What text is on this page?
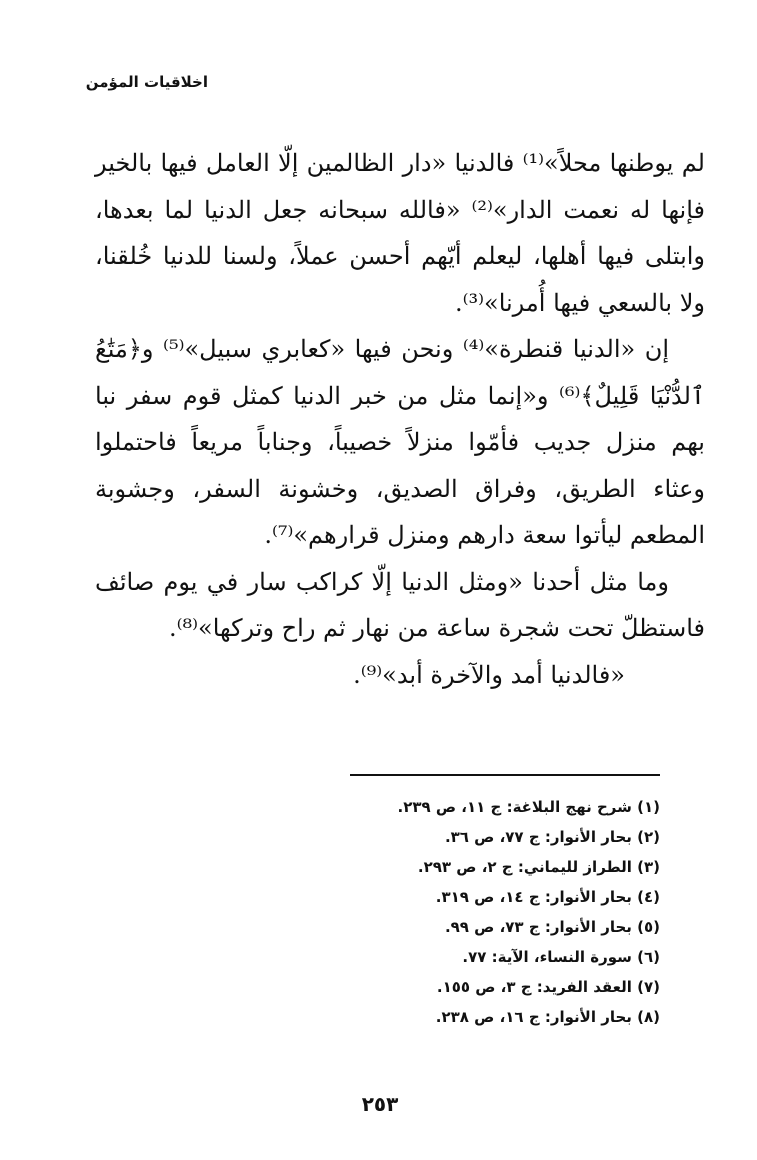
اخلاقيات المؤمن

لم يوطنها محلاً»⁽¹⁾ فالدنيا «دار الظالمين إلّا العامل فيها بالخير فإنها له نعمت الدار»⁽²⁾ «فالله سبحانه جعل الدنيا لما بعدها، وابتلى فيها أهلها، ليعلم أيّهم أحسن عملاً، ولسنا للدنيا خُلقنا، ولا بالسعي فيها أُمرنا»⁽³⁾.

إن «الدنيا قنطرة»⁽⁴⁾ ونحن فيها «كعابري سبيل»⁽⁵⁾ و﴿مَتَٰعُ ٱلدُّنْيَا قَلِيلٌ﴾⁽⁶⁾ و«إنما مثل من خبر الدنيا كمثل قوم سفر نبا بهم منزل جديب فأمّوا منزلاً خصيباً، وجناباً مريعاً فاحتملوا وعثاء الطريق، وفراق الصديق، وخشونة السفر، وجشوبة المطعم ليأتوا سعة دارهم ومنزل قرارهم»⁽⁷⁾.

وما مثل أحدنا «ومثل الدنيا إلّا كراكب سار في يوم صائف فاستظلّ تحت شجرة ساعة من نهار ثم راح وتركها»⁽⁸⁾.

«فالدنيا أمد والآخرة أبد»⁽⁹⁾.

(١) شرح نهج البلاغة: ج ١١، ص ٢٣٩.
(٢) بحار الأنوار: ج ٧٧، ص ٣٦.
(٣) الطراز لليماني: ج ٢، ص ٢٩٣.
(٤) بحار الأنوار: ج ١٤، ص ٣١٩.
(٥) بحار الأنوار: ج ٧٣، ص ٩٩.
(٦) سورة النساء، الآية: ٧٧.
(٧) العقد الفريد: ج ٣، ص ١٥٥.
(٨) بحار الأنوار: ج ١٦، ص ٢٣٨.
٢٥٣
